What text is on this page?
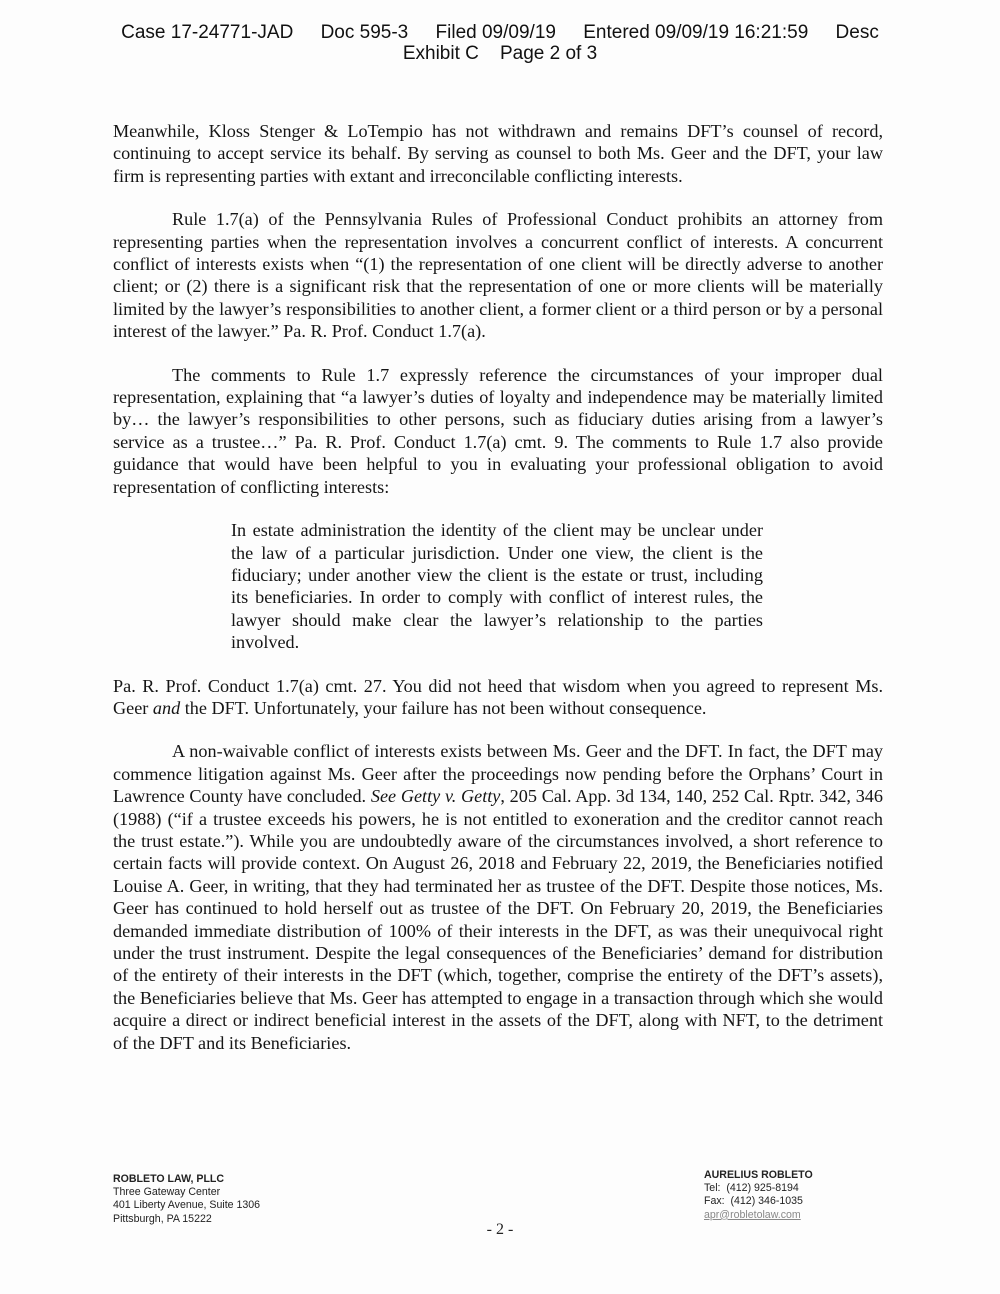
Case 17-24771-JAD Doc 595-3 Filed 09/09/19 Entered 09/09/19 16:21:59 Desc
Exhibit C    Page 2 of 3

Meanwhile, Kloss Stenger & LoTempio has not withdrawn and remains DFT’s counsel of record, continuing to accept service its behalf. By serving as counsel to both Ms. Geer and the DFT, your law firm is representing parties with extant and irreconcilable conflicting interests.

Rule 1.7(a) of the Pennsylvania Rules of Professional Conduct prohibits an attorney from representing parties when the representation involves a concurrent conflict of interests. A concurrent conflict of interests exists when “(1) the representation of one client will be directly adverse to another client; or (2) there is a significant risk that the representation of one or more clients will be materially limited by the lawyer’s responsibilities to another client, a former client or a third person or by a personal interest of the lawyer.” Pa. R. Prof. Conduct 1.7(a).

The comments to Rule 1.7 expressly reference the circumstances of your improper dual representation, explaining that “a lawyer’s duties of loyalty and independence may be materially limited by… the lawyer’s responsibilities to other persons, such as fiduciary duties arising from a lawyer’s service as a trustee…” Pa. R. Prof. Conduct 1.7(a) cmt. 9. The comments to Rule 1.7 also provide guidance that would have been helpful to you in evaluating your professional obligation to avoid representation of conflicting interests:

In estate administration the identity of the client may be unclear under the law of a particular jurisdiction. Under one view, the client is the fiduciary; under another view the client is the estate or trust, including its beneficiaries. In order to comply with conflict of interest rules, the lawyer should make clear the lawyer’s relationship to the parties involved.

Pa. R. Prof. Conduct 1.7(a) cmt. 27. You did not heed that wisdom when you agreed to represent Ms. Geer and the DFT. Unfortunately, your failure has not been without consequence.

A non-waivable conflict of interests exists between Ms. Geer and the DFT. In fact, the DFT may commence litigation against Ms. Geer after the proceedings now pending before the Orphans’ Court in Lawrence County have concluded. See Getty v. Getty, 205 Cal. App. 3d 134, 140, 252 Cal. Rptr. 342, 346 (1988) (“if a trustee exceeds his powers, he is not entitled to exoneration and the creditor cannot reach the trust estate.”). While you are undoubtedly aware of the circumstances involved, a short reference to certain facts will provide context. On August 26, 2018 and February 22, 2019, the Beneficiaries notified Louise A. Geer, in writing, that they had terminated her as trustee of the DFT. Despite those notices, Ms. Geer has continued to hold herself out as trustee of the DFT. On February 20, 2019, the Beneficiaries demanded immediate distribution of 100% of their interests in the DFT, as was their unequivocal right under the trust instrument. Despite the legal consequences of the Beneficiaries’ demand for distribution of the entirety of their interests in the DFT (which, together, comprise the entirety of the DFT’s assets), the Beneficiaries believe that Ms. Geer has attempted to engage in a transaction through which she would acquire a direct or indirect beneficial interest in the assets of the DFT, along with NFT, to the detriment of the DFT and its Beneficiaries.

ROBLETO LAW, PLLC
Three Gateway Center
401 Liberty Avenue, Suite 1306
Pittsburgh, PA 15222
- 2 -
AURELIUS ROBLETO
Tel:  (412) 925-8194
Fax:  (412) 346-1035
apr@robletolaw.com
